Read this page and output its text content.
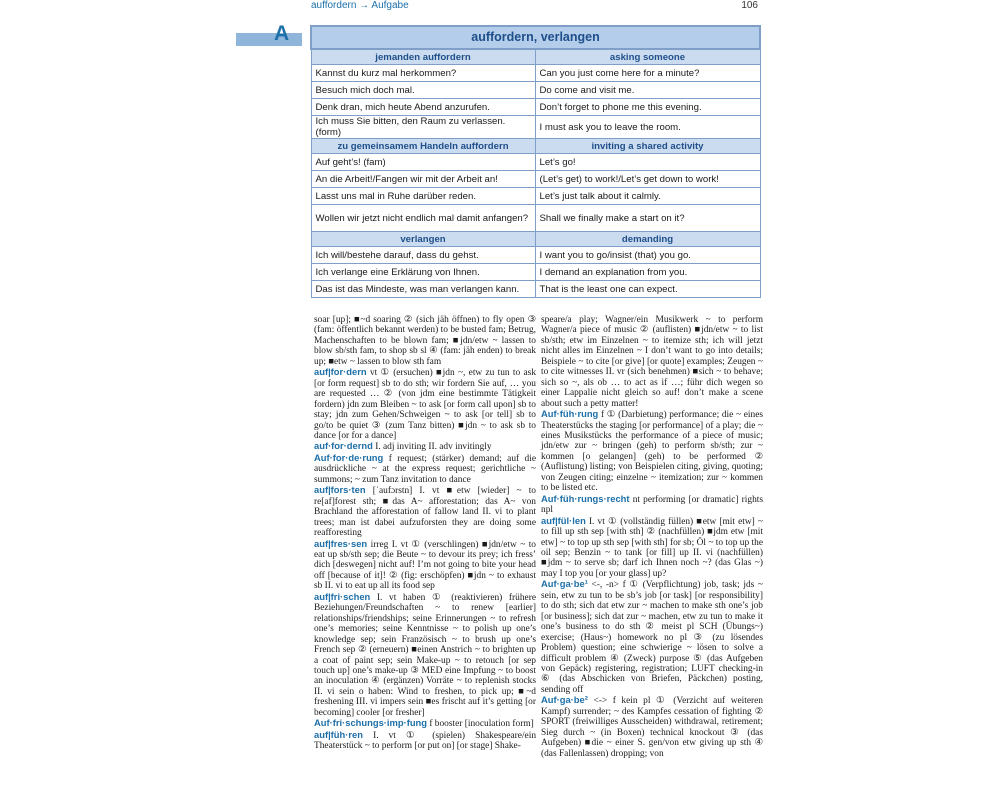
auffordern → Aufgabe	106
A	auffordern, verlangen	
jemanden auffordern	asking someone
Kannst du kurz mal herkommen?	Can you just come here for a minute?
Besuch mich doch mal.	Do come and visit me.
Denk dran, mich heute Abend anzurufen.	Don’t forget to phone me this evening.
Ich muss Sie bitten, den Raum zu verlassen. (form)	I must ask you to leave the room.
zu gemeinsamem Handeln auffordern	inviting a shared activity
Auf geht’s! (fam)	Let’s go!
An die Arbeit!/Fangen wir mit der Arbeit an!	(Let’s get) to work!/Let’s get down to work!
Lasst uns mal in Ruhe darüber reden.	Let’s just talk about it calmly.
Wollen wir jetzt nicht endlich mal damit anfangen?	Shall we finally make a start on it?
verlangen	demanding
Ich will/bestehe darauf, dass du gehst.	I want you to go/insist (that) you go.
Ich verlange eine Erklärung von Ihnen.	I demand an explanation from you.
Das ist das Mindeste, was man verlangen kann.	That is the least one can expect.

soar [up]; ■~d soaring ② (sich jäh öffnen) to fly open ③ (fam: öffentlich bekannt werden) to be busted fam; Betrug, Machenschaften to be blown fam; ■jdn/etw ~ lassen to blow sb/sth fam, to shop sb sl ④ (fam: jäh enden) to break up; ■etw ~ lassen to blow sth fam

auf|for·dern vt ① (ersuchen) ■jdn ~, etw zu tun to ask [or form request] sb to do sth; wir fordern Sie auf, … you are requested … ② (von jdm eine bestimmte Tätigkeit fordern) jdn zum Bleiben ~ to ask [or form call upon] sb to stay; jdn zum Gehen/Schweigen ~ to ask [or tell] sb to go/to be quiet ③ (zum Tanz bitten) ■jdn ~ to ask sb to dance [or for a dance]

auf·for·dernd I. adj inviting II. adv invitingly

Auf·for·de·rung f request; (stärker) demand; auf die ausdrückliche ~ at the express request; gerichtliche ~ summons; ~ zum Tanz invitation to dance

auf|fors·ten [ˈaufɔrstn] I. vt ■etw [wieder] ~ to re[af]forest sth; ■das A~ afforestation; das A~ von Brachland the afforestation of fallow land II. vi to plant trees; man ist dabei aufzuforsten they are doing some reafforesting

auf|fres·sen irreg I. vt ① (verschlingen) ■jdn/etw ~ to eat up sb/sth sep; die Beute ~ to devour its prey; ich fress’ dich [deswegen] nicht auf! I’m not going to bite your head off [because of it]! ② (fig: erschöpfen) ■jdn ~ to exhaust sb II. vi to eat up all its food sep

auf|fri·schen I. vt haben ① (reaktivieren) frühere Beziehungen/Freundschaften ~ to renew [earlier] relationships/friendships; seine Erinnerungen ~ to refresh one’s memories; seine Kenntnisse ~ to polish up one’s knowledge sep; sein Französisch ~ to brush up one’s French sep ② (erneuern) ■einen Anstrich ~ to brighten up a coat of paint sep; sein Make-up ~ to retouch [or sep touch up] one’s make-up ③ MED eine Impfung ~ to boost an inoculation ④ (ergänzen) Vorräte ~ to replenish stocks II. vi sein o haben: Wind to freshen, to pick up; ■~d freshening III. vi impers sein ■es frischt auf it’s getting [or becoming] cooler [or fresher]

Auf·fri·schungs·imp·fung f booster [inoculation form]

auf|füh·ren I. vt ① (spielen) Shakespeare/ein Theaterstück ~ to perform [or put on] [or stage] Shake-

speare/a play; Wagner/ein Musikwerk ~ to perform Wagner/a piece of music ② (auflisten) ■jdn/etw ~ to list sb/sth; etw im Einzelnen ~ to itemize sth; ich will jetzt nicht alles im Einzelnen ~ I don’t want to go into details; Beispiele ~ to cite [or give] [or quote] examples; Zeugen ~ to cite witnesses II. vr (sich benehmen) ■sich ~ to behave; sich so ~, als ob … to act as if …; führ dich wegen so einer Lappalie nicht gleich so auf! don’t make a scene about such a petty matter!

Auf·füh·rung f ① (Darbietung) performance; die ~ eines Theaterstücks the staging [or performance] of a play; die ~ eines Musikstücks the performance of a piece of music; jdn/etw zur ~ bringen (geh) to perform sb/sth; zur ~ kommen [o gelangen] (geh) to be performed ② (Auflistung) listing; von Beispielen citing, giving, quoting; von Zeugen citing; einzelne ~ itemization; zur ~ kommen to be listed etc.

Auf·füh·rungs·recht nt performing [or dramatic] rights npl

auf|fül·len I. vt ① (vollständig füllen) ■etw [mit etw] ~ to fill up sth sep [with sth] ② (nachfüllen) ■jdm etw [mit etw] ~ to top up sth sep [with sth] for sb; Öl ~ to top up the oil sep; Benzin ~ to tank [or fill] up II. vi (nachfüllen) ■jdm ~ to serve sb; darf ich Ihnen noch ~? (das Glas ~) may I top you [or your glass] up?

Auf·ga·be¹ <-, -n> f ① (Verpflichtung) job, task; jds ~ sein, etw zu tun to be sb’s job [or task] [or responsibility] to do sth; sich dat etw zur ~ machen to make sth one’s job [or business]; sich dat zur ~ machen, etw zu tun to make it one’s business to do sth ② meist pl SCH (Übungs~) exercise; (Haus~) homework no pl ③ (zu lösendes Problem) question; eine schwierige ~ lösen to solve a difficult problem ④ (Zweck) purpose ⑤ (das Aufgeben von Gepäck) registering, registration; LUFT checking-in ⑥ (das Abschicken von Briefen, Päckchen) posting, sending off

Auf·ga·be² <-> f kein pl ① (Verzicht auf weiteren Kampf) surrender; ~ des Kampfes cessation of fighting ② SPORT (freiwilliges Ausscheiden) withdrawal, retirement; Sieg durch ~ (in Boxen) technical knockout ③ (das Aufgeben) ■die ~ einer S. gen/von etw giving up sth ④ (das Fallenlassen) dropping; von
